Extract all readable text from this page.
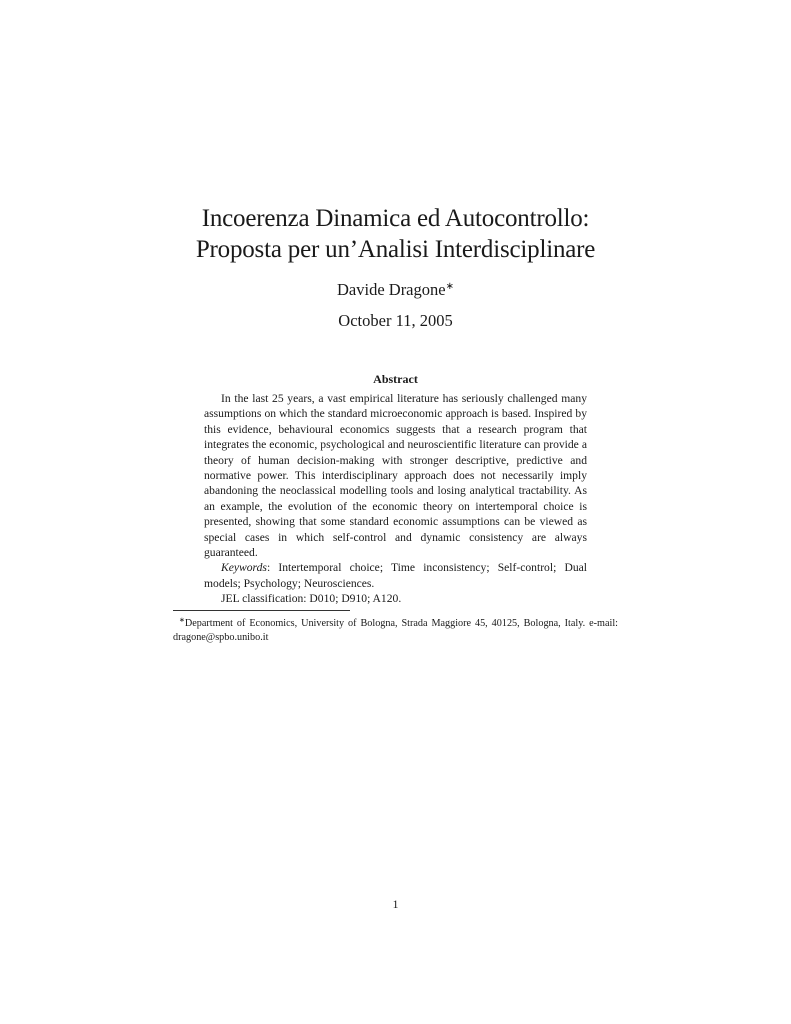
Incoerenza Dinamica ed Autocontrollo:
Proposta per un’Analisi Interdisciplinare
Davide Dragone∗
October 11, 2005
Abstract

In the last 25 years, a vast empirical literature has seriously challenged many assumptions on which the standard microeconomic approach is based. Inspired by this evidence, behavioural economics suggests that a research program that integrates the economic, psychological and neuroscientific literature can provide a theory of human decision-making with stronger descriptive, predictive and normative power. This interdisciplinary approach does not necessarily imply abandoning the neoclassical modelling tools and losing analytical tractability. As an example, the evolution of the economic theory on intertemporal choice is presented, showing that some standard economic assumptions can be viewed as special cases in which self-control and dynamic consistency are always guaranteed.

Keywords: Intertemporal choice; Time inconsistency; Self-control; Dual models; Psychology; Neurosciences.

JEL classification: D010; D910; A120.

∗Department of Economics, University of Bologna, Strada Maggiore 45, 40125, Bologna, Italy. e-mail: dragone@spbo.unibo.it

1
